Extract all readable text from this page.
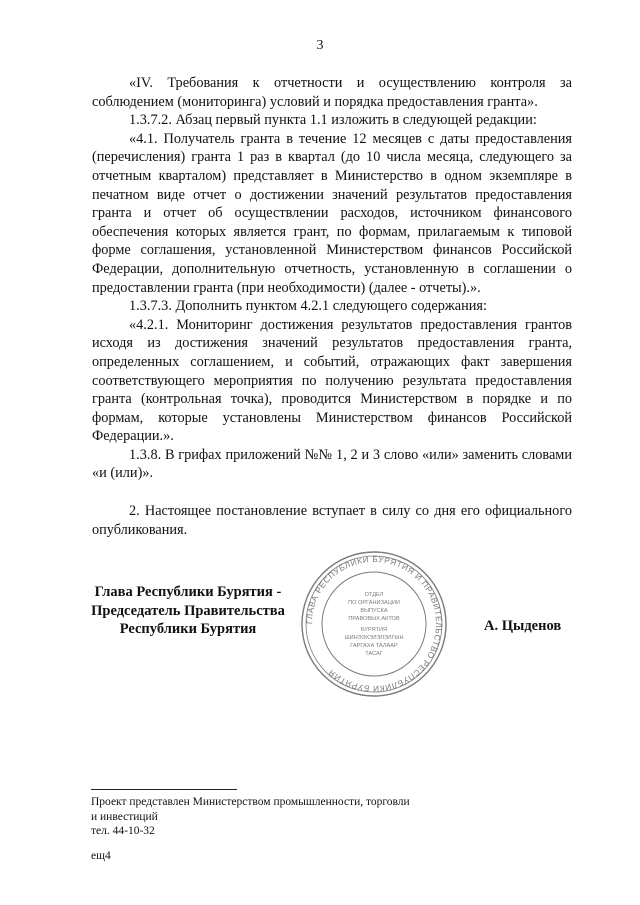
3

«IV. Требования к отчетности и осуществлению контроля за соблюдением (мониторинга) условий и порядка предоставления гранта».

1.3.7.2. Абзац первый пункта 1.1 изложить в следующей редакции:

«4.1. Получатель гранта в течение 12 месяцев с даты предоставления (перечисления) гранта 1 раз в квартал (до 10 числа месяца, следующего за отчетным кварталом) представляет в Министерство в одном экземпляре в печатном виде отчет о достижении значений результатов предоставления гранта и отчет об осуществлении расходов, источником финансового обеспечения которых является грант, по формам, прилагаемым к типовой форме соглашения, установленной Министерством финансов Российской Федерации, дополнительную отчетность, установленную в соглашении о предоставлении гранта (при необходимости) (далее - отчеты).».

1.3.7.3. Дополнить пунктом 4.2.1 следующего содержания:

«4.2.1. Мониторинг достижения результатов предоставления грантов исходя из достижения значений результатов предоставления гранта, определенных соглашением, и событий, отражающих факт завершения соответствующего мероприятия по получению результата предоставления гранта (контрольная точка), проводится Министерством в порядке и по формам, которые установлены Министерством финансов Российской Федерации.».

1.3.8. В грифах приложений №№ 1, 2 и 3 слово «или» заменить словами «и (или)».

2. Настоящее постановление вступает в силу со дня его официального опубликования.

Глава Республики Бурятия -
Председатель Правительства
Республики Бурятия	ГЛАВА РЕСПУБЛИКИ БУРЯТИЯ И ПРАВИТЕЛЬСТВО РЕСПУБЛИКИ БУРЯТИЯ
ОТДЕЛ
ПО ОРГАНИЗАЦИИ
ВЫПУСКА
ПРАВОВЫХ АКТОВ
БУРЯТИЯ
ШИНЭЭХЭЛЭЛЭЛГЫН
ГАРГАХА ТАЛААР
ТАСАГ
А. Цыденов
Проект представлен Министерством промышленности, торговли
и инвестиций
тел. 44-10-32
ещ4
